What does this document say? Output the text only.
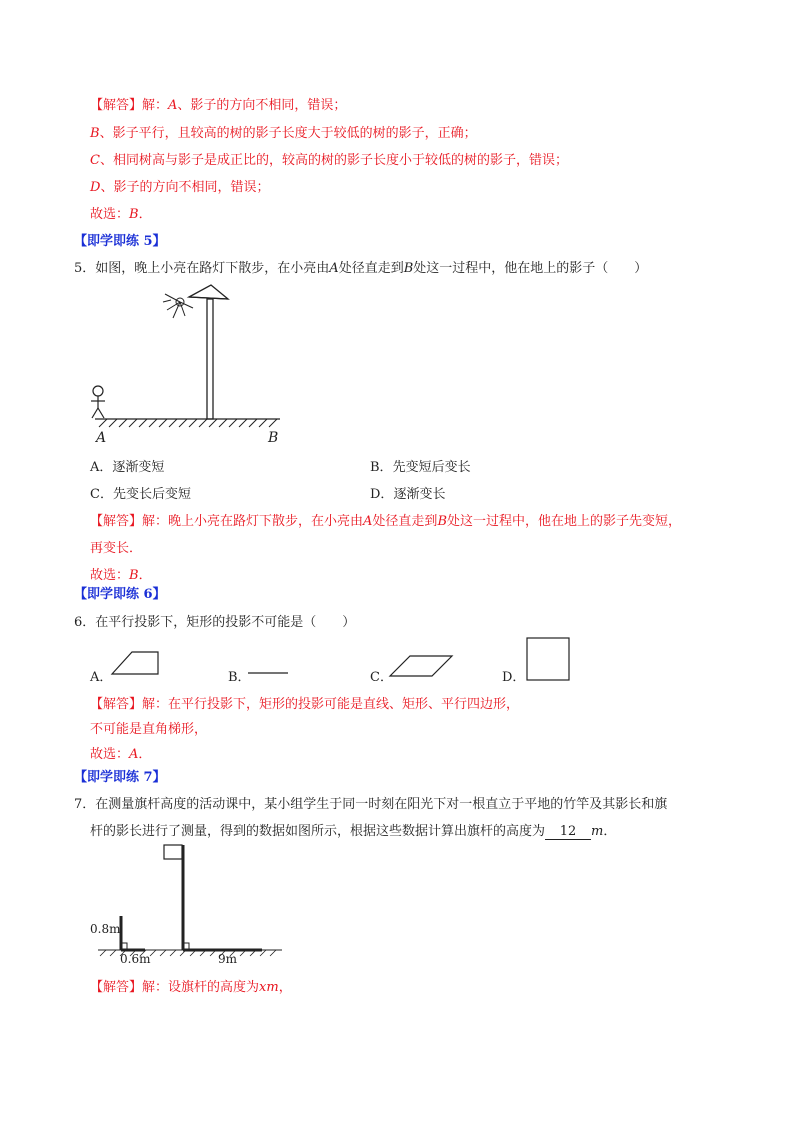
【解答】解：A、影子的方向不相同，错误；
B、影子平行，且较高的树的影子长度大于较低的树的影子，正确；
C、相同树高与影子是成正比的，较高的树的影子长度小于较低的树的影子，错误；
D、影子的方向不相同，错误；
故选：B．
【即学即练 5】
5．如图，晚上小亮在路灯下散步，在小亮由A处径直走到B处这一过程中，他在地上的影子（　　）
A	B
A．逐渐变短	B．先变短后变长
C．先变长后变短	D．逐渐变长
【解答】解：晚上小亮在路灯下散步，在小亮由A处径直走到B处这一过程中，他在地上的影子先变短，
再变长．
故选：B．
【即学即练 6】
6．在平行投影下，矩形的投影不可能是（　　）
A．	B．	C．	D．
【解答】解：在平行投影下，矩形的投影可能是直线、矩形、平行四边形，
不可能是直角梯形，
故选：A．
【即学即练 7】
7．在测量旗杆高度的活动课中，某小组学生于同一时刻在阳光下对一根直立于平地的竹竿及其影长和旗
杆的影长进行了测量，得到的数据如图所示，根据这些数据计算出旗杆的高度为 12 m．
0.8m
0.6m	9m
【解答】解：设旗杆的高度为xm，
